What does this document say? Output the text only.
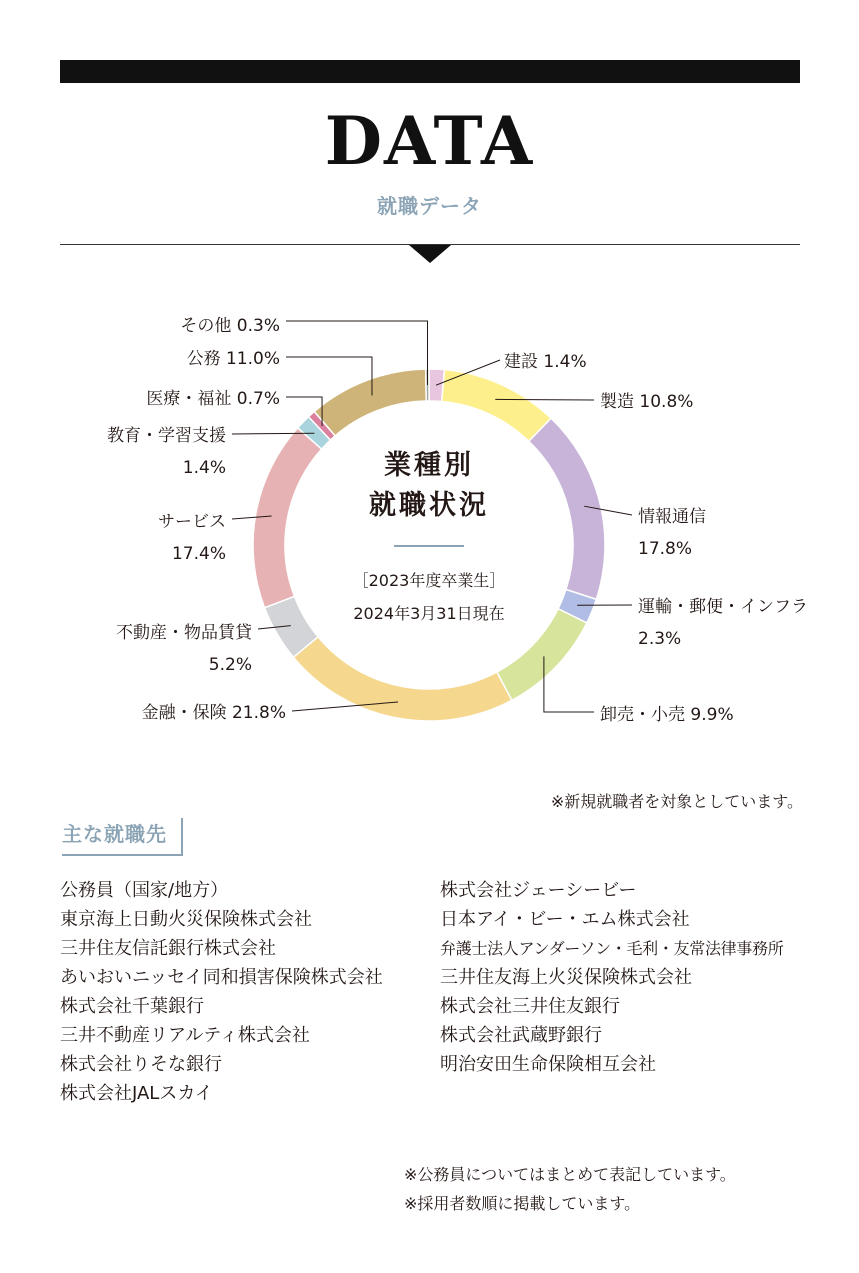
DATA
就職データ
建設 1.4%
製造 10.8%
情報通信
17.8%
運輸・郵便・インフラ
2.3%
卸売・小売 9.9%
金融・保険 21.8%
不動産・物品賃貸
5.2%
サービス
17.4%
教育・学習支援
1.4%
医療・福祉 0.7%
公務 11.0%
その他 0.3%
業種別
就職状況
［2023年度卒業生］
2024年3月31日現在
※新規就職者を対象としています。
主な就職先
公務員（国家/地方）
東京海上日動火災保険株式会社
三井住友信託銀行株式会社
あいおいニッセイ同和損害保険株式会社
株式会社千葉銀行
三井不動産リアルティ株式会社
株式会社りそな銀行
株式会社JALスカイ
株式会社ジェーシービー
日本アイ・ビー・エム株式会社
弁護士法人アンダーソン・毛利・友常法律事務所
三井住友海上火災保険株式会社
株式会社三井住友銀行
株式会社武蔵野銀行
明治安田生命保険相互会社
※公務員についてはまとめて表記しています。
※採用者数順に掲載しています。
